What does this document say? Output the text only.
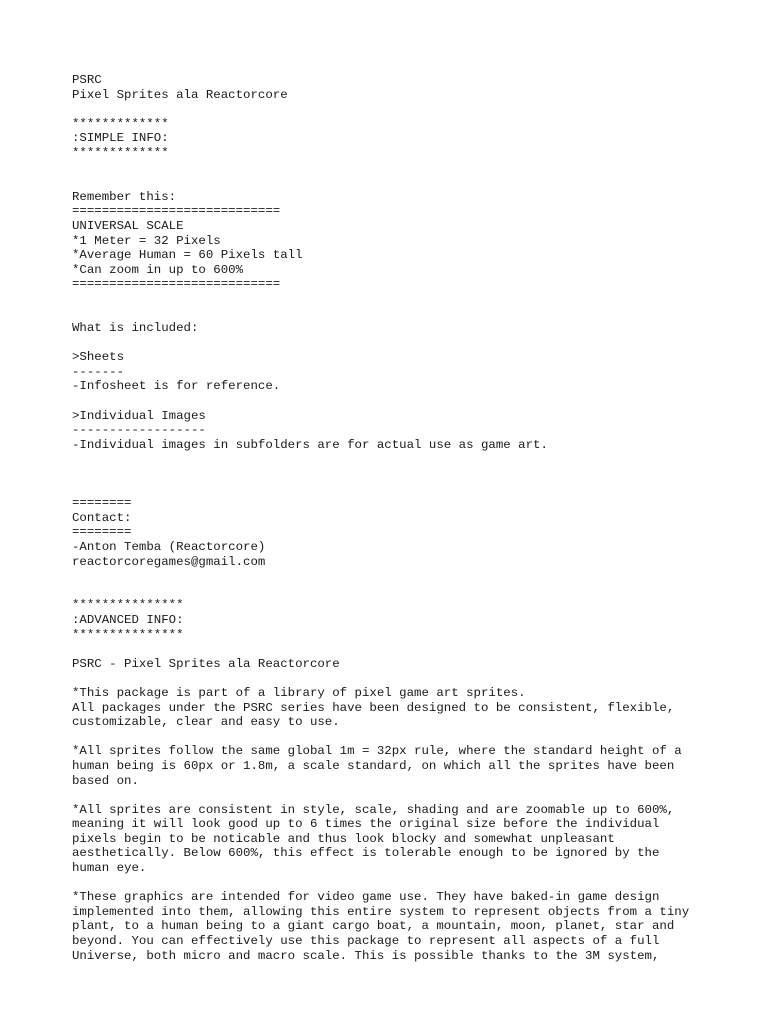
PSRC
Pixel Sprites ala Reactorcore
*************
:SIMPLE INFO:
*************
Remember this:
============================
UNIVERSAL SCALE
*1 Meter = 32 Pixels
*Average Human = 60 Pixels tall
*Can zoom in up to 600%
============================
What is included:
>Sheets
-------
-Infosheet is for reference.
>Individual Images
------------------
-Individual images in subfolders are for actual use as game art.
========
Contact:
========
-Anton Temba (Reactorcore)
reactorcoregames@gmail.com
***************
:ADVANCED INFO:
***************
PSRC - Pixel Sprites ala Reactorcore
*This package is part of a library of pixel game art sprites.
All packages under the PSRC series have been designed to be consistent, flexible,
customizable, clear and easy to use.
*All sprites follow the same global 1m = 32px rule, where the standard height of a
human being is 60px or 1.8m, a scale standard, on which all the sprites have been
based on.
*All sprites are consistent in style, scale, shading and are zoomable up to 600%,
meaning it will look good up to 6 times the original size before the individual
pixels begin to be noticable and thus look blocky and somewhat unpleasant
aesthetically. Below 600%, this effect is tolerable enough to be ignored by the
human eye.
*These graphics are intended for video game use. They have baked-in game design
implemented into them, allowing this entire system to represent objects from a tiny
plant, to a human being to a giant cargo boat, a mountain, moon, planet, star and
beyond. You can effectively use this package to represent all aspects of a full
Universe, both micro and macro scale. This is possible thanks to the 3M system,
